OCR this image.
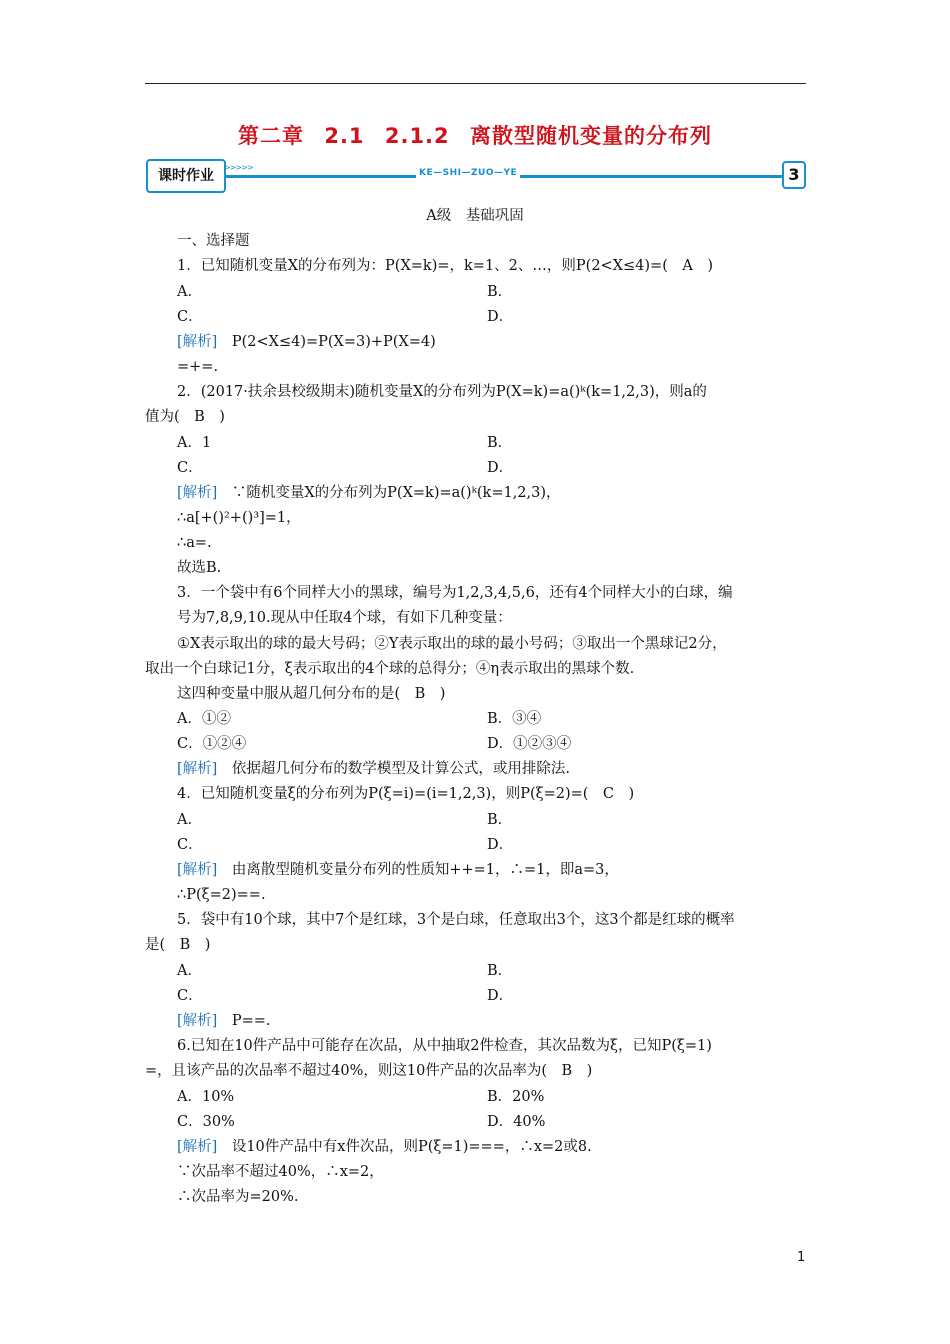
第二章 2.1 2.1.2 离散型随机变量的分布列
课时作业
>>>>>
KE—SHI—ZUO—YE	3
A级　基础巩固
一、选择题
1．已知随机变量X的分布列为：P(X=k)=，k=1、2、…，则P(2<X≤4)=(　A　)
A．	B．
C．	D．
[解析]　 P(2<X≤4)=P(X=3)+P(X=4)
=+=.
2．(2017·扶余县校级期末)随机变量X的分布列为P(X=k)=a()ᵏ(k=1,2,3)，则a的
值为(　B　)
A．1	B．
C．	D．
[解析]　 ∵随机变量X的分布列为P(X=k)=a()ᵏ(k=1,2,3)，
∴a[+()²+()³]=1，
∴a=.
故选B.
3．一个袋中有6个同样大小的黑球，编号为1,2,3,4,5,6，还有4个同样大小的白球，编
号为7,8,9,10.现从中任取4个球，有如下几种变量：
①X表示取出的球的最大号码；②Y表示取出的球的最小号码；③取出一个黑球记2分，
取出一个白球记1分，ξ表示取出的4个球的总得分；④η表示取出的黑球个数.
这四种变量中服从超几何分布的是(　B　)
A．①②	B．③④
C．①②④	D．①②③④
[解析]　 依据超几何分布的数学模型及计算公式，或用排除法.
4．已知随机变量ξ的分布列为P(ξ=i)=(i=1,2,3)，则P(ξ=2)=(　C　)
A．	B．
C．	D．
[解析]　 由离散型随机变量分布列的性质知++=1，∴=1，即a=3，
∴P(ξ=2)==.
5．袋中有10个球，其中7个是红球，3个是白球，任意取出3个，这3个都是红球的概率
是(　B　)
A．	B．
C．	D．
[解析]　 P==.
6.已知在10件产品中可能存在次品，从中抽取2件检查，其次品数为ξ，已知P(ξ=1)
=，且该产品的次品率不超过40%，则这10件产品的次品率为(　B　)
A．10%	B．20%
C．30%	D．40%
[解析]　 设10件产品中有x件次品，则P(ξ=1)===，∴x=2或8.
∵次品率不超过40%，∴x=2，
∴次品率为=20%.
1
